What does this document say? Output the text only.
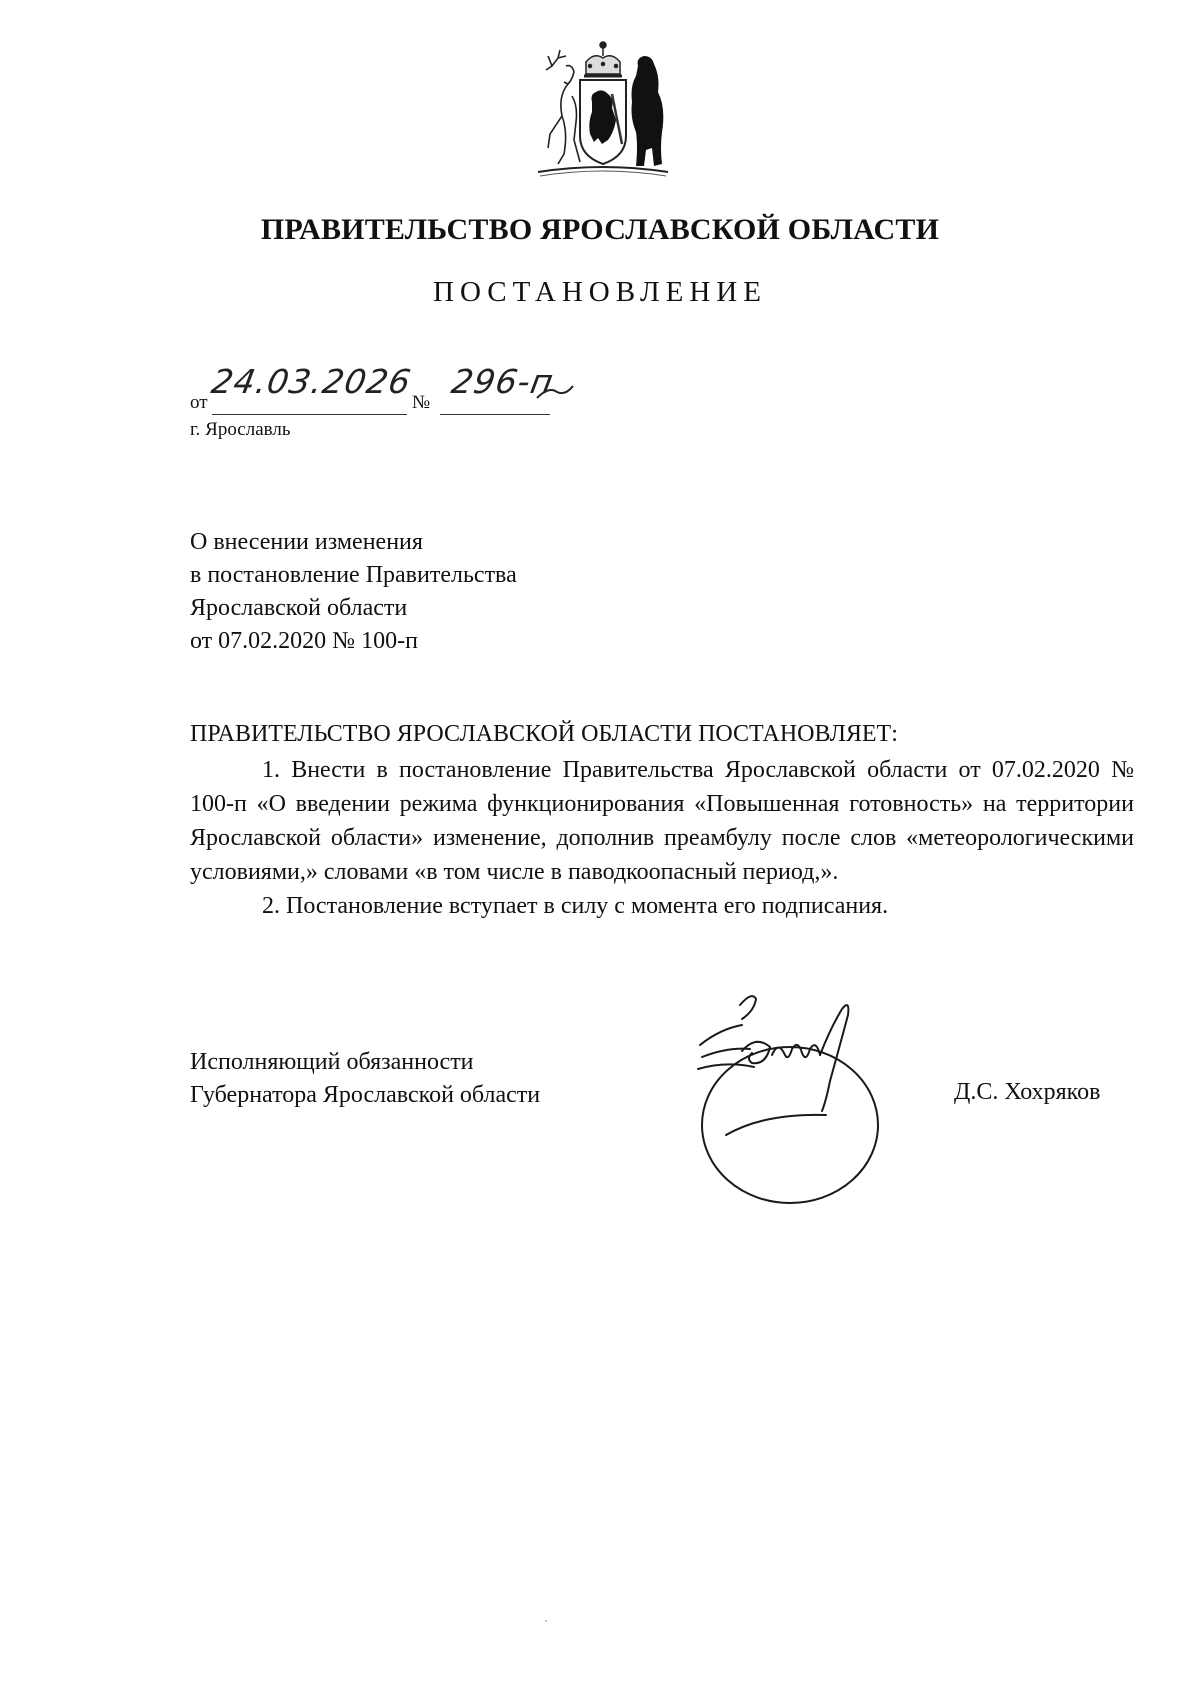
ПРАВИТЕЛЬСТВО ЯРОСЛАВСКОЙ ОБЛАСТИ
ПОСТАНОВЛЕНИЕ
от
24.03.2026
№
296-п
г. Ярославль
О внесении изменения
в постановление Правительства
Ярославской области
от 07.02.2020 № 100-п
ПРАВИТЕЛЬСТВО ЯРОСЛАВСКОЙ ОБЛАСТИ ПОСТАНОВЛЯЕТ:

1. Внести в постановление Правительства Ярославской области от 07.02.2020 № 100-п «О введении режима функционирования «Повышенная готовность» на территории Ярославской области» изменение, дополнив преамбулу после слов «метеорологическими условиями,» словами «в том числе в паводкоопасный период,».

2. Постановление вступает в силу с момента его подписания.

Исполняющий обязанности
Губернатора Ярославской области	Д.С. Хохряков
